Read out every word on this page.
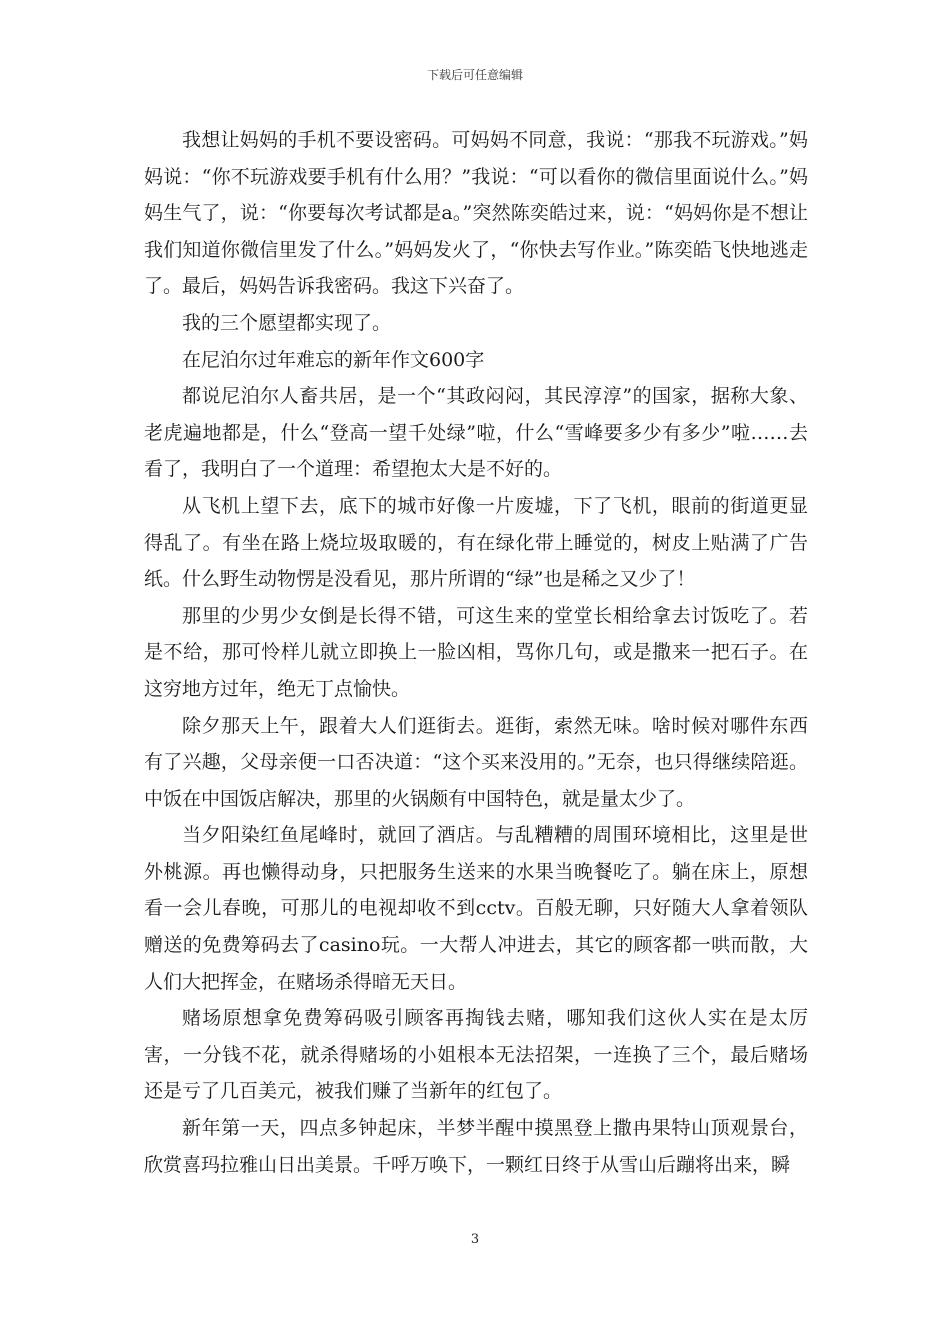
下载后可任意编辑

我想让妈妈的手机不要设密码。可妈妈不同意，我说：“那我不玩游戏。”妈妈说：“你不玩游戏要手机有什么用？”我说：“可以看你的微信里面说什么。”妈妈生气了，说：“你要每次考试都是a。”突然陈奕皓过来，说：“妈妈你是不想让我们知道你微信里发了什么。”妈妈发火了，“你快去写作业。”陈奕皓飞快地逃走了。最后，妈妈告诉我密码。我这下兴奋了。

我的三个愿望都实现了。

在尼泊尔过年难忘的新年作文600字

都说尼泊尔人畜共居，是一个“其政闷闷，其民淳淳”的国家，据称大象、老虎遍地都是，什么“登高一望千处绿”啦，什么“雪峰要多少有多少”啦……去看了，我明白了一个道理：希望抱太大是不好的。

从飞机上望下去，底下的城市好像一片废墟，下了飞机，眼前的街道更显得乱了。有坐在路上烧垃圾取暖的，有在绿化带上睡觉的，树皮上贴满了广告纸。什么野生动物愣是没看见，那片所谓的“绿”也是稀之又少了！

那里的少男少女倒是长得不错，可这生来的堂堂长相给拿去讨饭吃了。若是不给，那可怜样儿就立即换上一脸凶相，骂你几句，或是撒来一把石子。在这穷地方过年，绝无丁点愉快。

除夕那天上午，跟着大人们逛街去。逛街，索然无味。啥时候对哪件东西有了兴趣，父母亲便一口否决道：“这个买来没用的。”无奈，也只得继续陪逛。中饭在中国饭店解决，那里的火锅颇有中国特色，就是量太少了。

当夕阳染红鱼尾峰时，就回了酒店。与乱糟糟的周围环境相比，这里是世外桃源。再也懒得动身，只把服务生送来的水果当晚餐吃了。躺在床上，原想看一会儿春晚，可那儿的电视却收不到cctv。百般无聊，只好随大人拿着领队赠送的免费筹码去了casino玩。一大帮人冲进去，其它的顾客都一哄而散，大人们大把挥金，在赌场杀得暗无天日。

赌场原想拿免费筹码吸引顾客再掏钱去赌，哪知我们这伙人实在是太厉害，一分钱不花，就杀得赌场的小姐根本无法招架，一连换了三个，最后赌场还是亏了几百美元，被我们赚了当新年的红包了。

新年第一天，四点多钟起床，半梦半醒中摸黑登上撒冉果特山顶观景台，欣赏喜玛拉雅山日出美景。千呼万唤下，一颗红日终于从雪山后蹦将出来，瞬

3
